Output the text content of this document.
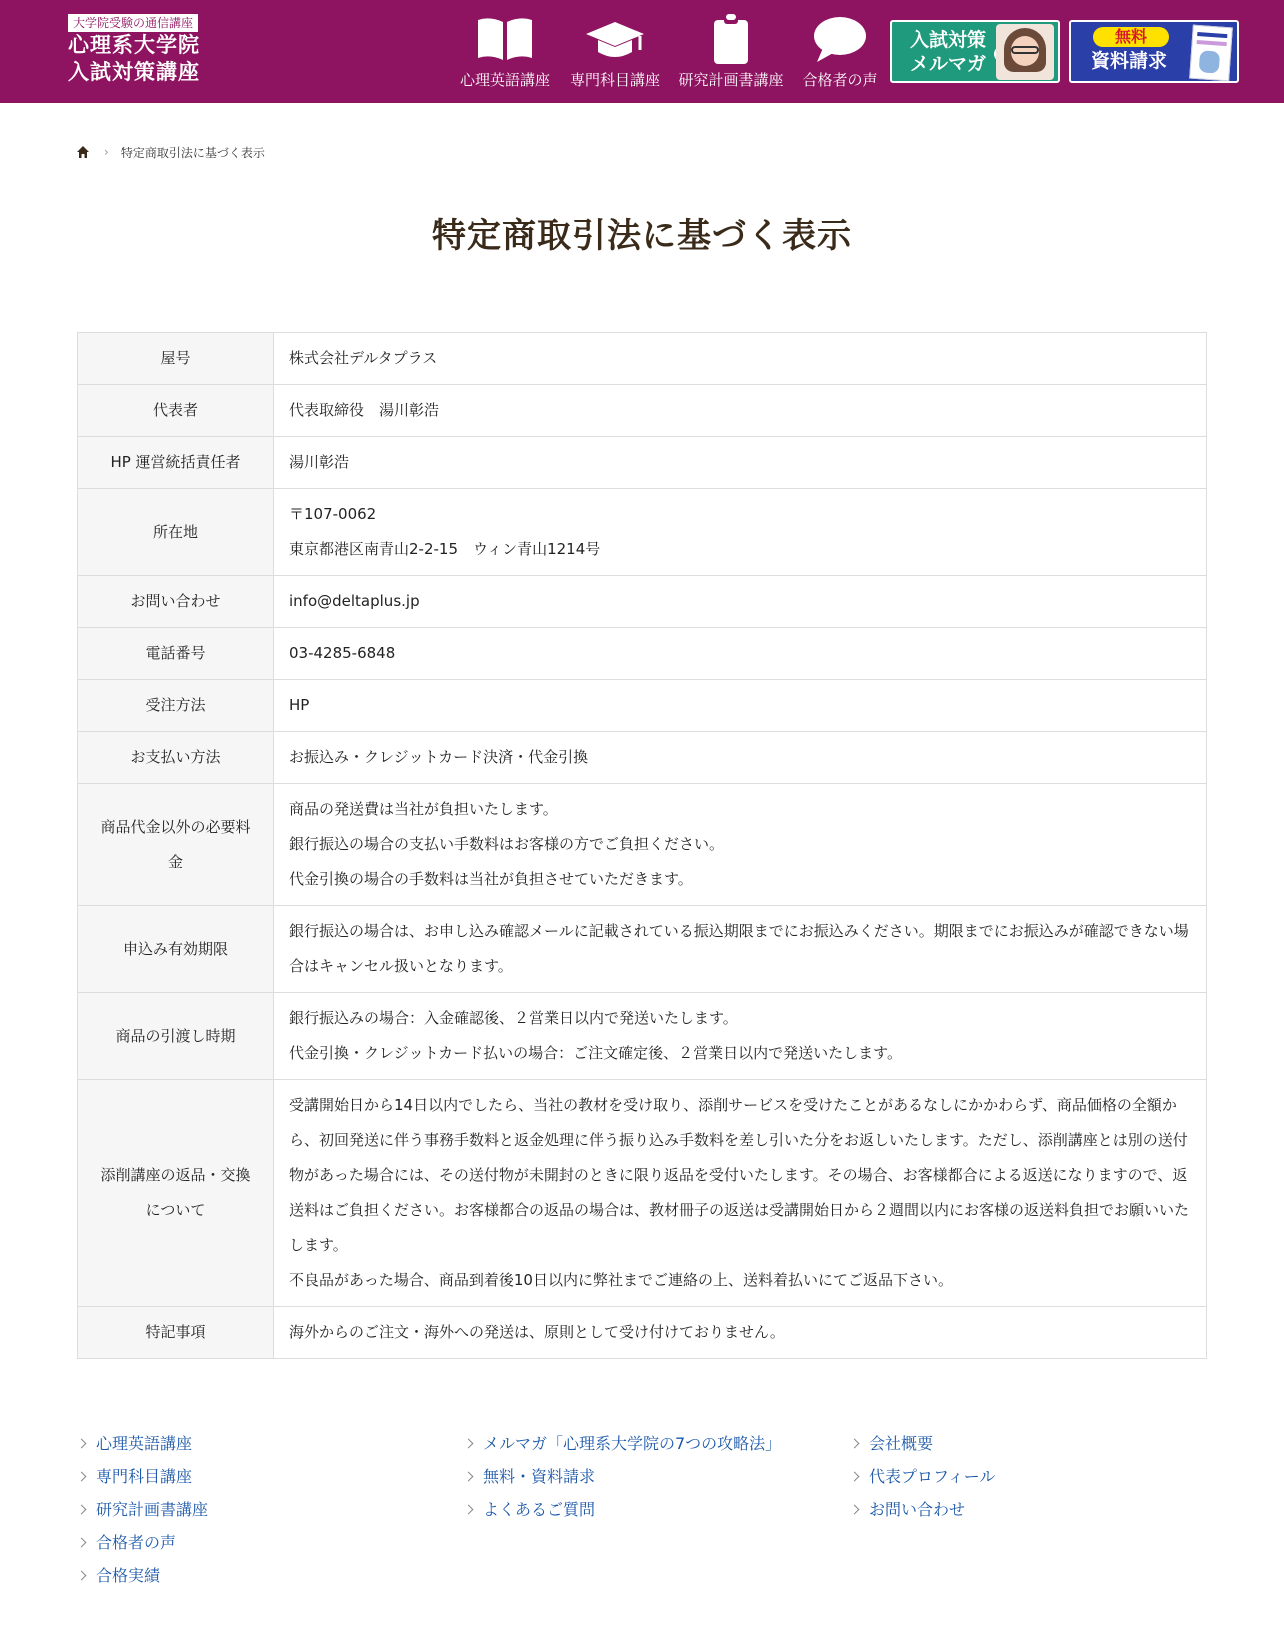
大学院受験の通信講座
心理系大学院
入試対策講座	心理英語講座	専門科目講座	研究計画書講座	合格者の声
入試対策
メルマガ
無料
資料請求
› 特定商取引法に基づく表示
特定商取引法に基づく表示
屋号	株式会社デルタプラス

代表者	代表取締役　湯川彰浩

HP 運営統括責任者	湯川彰浩

所在地	〒107-0062
東京都港区南青山2-2-15　ウィン青山1214号

お問い合わせ	info@deltaplus.jp

電話番号	03-4285-6848

受注方法	HP

お支払い方法	お振込み・クレジットカード決済・代金引換

商品代金以外の必要料金	商品の発送費は当社が負担いたします。
銀行振込の場合の支払い手数料はお客様の方でご負担ください。
代金引換の場合の手数料は当社が負担させていただきます。

申込み有効期限	銀行振込の場合は、お申し込み確認メールに記載されている振込期限までにお振込みください。期限までにお振込みが確認できない場合はキャンセル扱いとなります。

商品の引渡し時期	銀行振込みの場合：入金確認後、２営業日以内で発送いたします。
代金引換・クレジットカード払いの場合：ご注文確定後、２営業日以内で発送いたします。

添削講座の返品・交換について	受講開始日から14日以内でしたら、当社の教材を受け取り、添削サービスを受けたことがあるなしにかかわらず、商品価格の全額から、初回発送に伴う事務手数料と返金処理に伴う振り込み手数料を差し引いた分をお返しいたします。ただし、添削講座とは別の送付物があった場合には、その送付物が未開封のときに限り返品を受付いたします。その場合、お客様都合による返送になりますので、返送料はご負担ください。お客様都合の返品の場合は、教材冊子の返送は受講開始日から２週間以内にお客様の返送料負担でお願いいたします。
不良品があった場合、商品到着後10日以内に弊社までご連絡の上、送料着払いにてご返品下さい。

特記事項	海外からのご注文・海外への発送は、原則として受け付けておりません。
心理英語講座
専門科目講座
研究計画書講座
合格者の声
合格実績
メルマガ「心理系大学院の7つの攻略法」
無料・資料請求
よくあるご質問
会社概要
代表プロフィール
お問い合わせ
